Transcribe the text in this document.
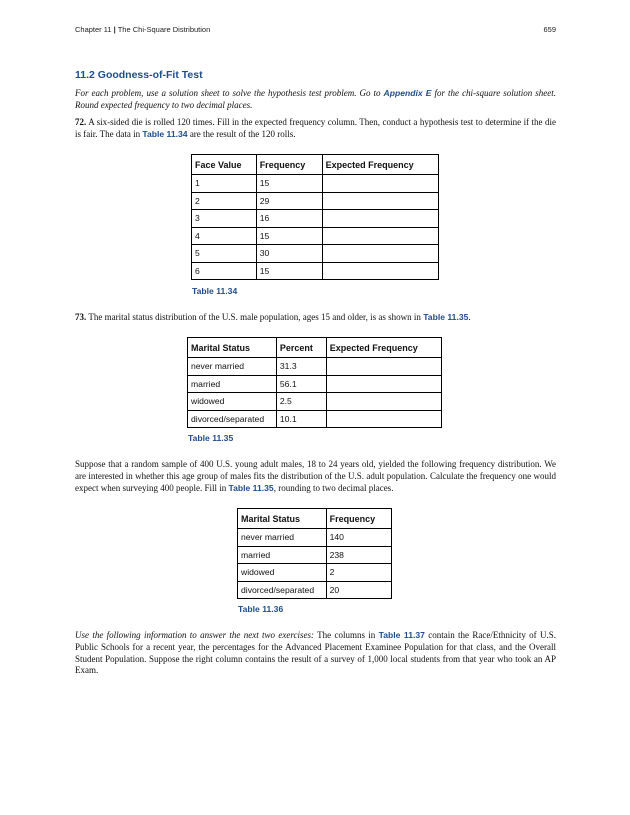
Chapter 11 | The Chi-Square Distribution	659
11.2 Goodness-of-Fit Test
For each problem, use a solution sheet to solve the hypothesis test problem. Go to Appendix E for the chi-square solution sheet. Round expected frequency to two decimal places.
72. A six-sided die is rolled 120 times. Fill in the expected frequency column. Then, conduct a hypothesis test to determine if the die is fair. The data in Table 11.34 are the result of the 120 rolls.
Face Value	Frequency	Expected Frequency
1	15	
2	29	
3	16	
4	15	
5	30	
6	15	
Table 11.34
73. The marital status distribution of the U.S. male population, ages 15 and older, is as shown in Table 11.35.
Marital Status	Percent	Expected Frequency
never married	31.3	
married	56.1	
widowed	2.5	
divorced/separated	10.1	
Table 11.35
Suppose that a random sample of 400 U.S. young adult males, 18 to 24 years old, yielded the following frequency distribution. We are interested in whether this age group of males fits the distribution of the U.S. adult population. Calculate the frequency one would expect when surveying 400 people. Fill in Table 11.35, rounding to two decimal places.
Marital Status	Frequency
never married	140
married	238
widowed	2
divorced/separated	20
Table 11.36
Use the following information to answer the next two exercises: The columns in Table 11.37 contain the Race/Ethnicity of U.S. Public Schools for a recent year, the percentages for the Advanced Placement Examinee Population for that class, and the Overall Student Population. Suppose the right column contains the result of a survey of 1,000 local students from that year who took an AP Exam.
